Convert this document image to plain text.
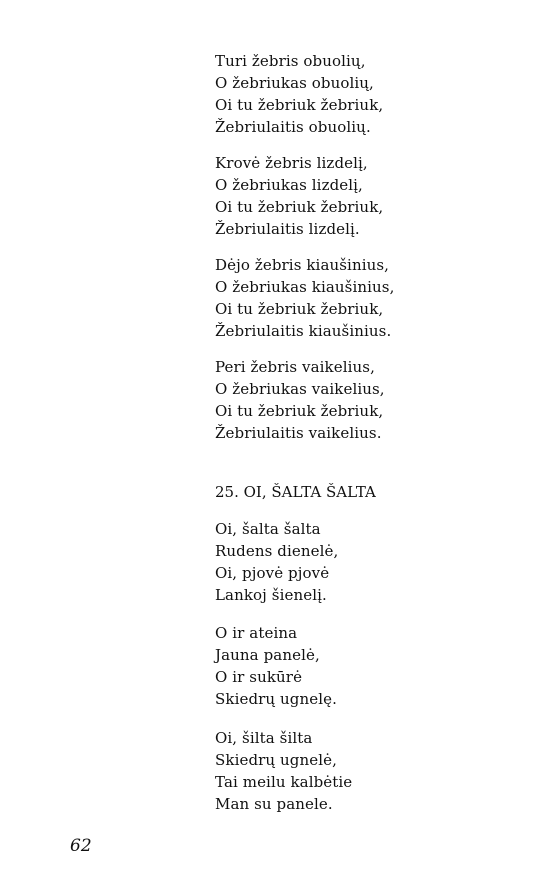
Turi žebris obuolių,
O žebriukas obuolių,
Oi tu žebriuk žebriuk,
Žebriulaitis obuolių.
Krovė žebris lizdelį,
O žebriukas lizdelį,
Oi tu žebriuk žebriuk,
Žebriulaitis lizdelį.
Dėjo žebris kiaušinius,
O žebriukas kiaušinius,
Oi tu žebriuk žebriuk,
Žebriulaitis kiaušinius.
Peri žebris vaikelius,
O žebriukas vaikelius,
Oi tu žebriuk žebriuk,
Žebriulaitis vaikelius.
25. OI, ŠALTA ŠALTA
Oi, šalta šalta
Rudens dienelė,
Oi, pjovė pjovė
Lankoj šienelį.
O ir ateina
Jauna panelė,
O ir sukūrė
Skiedrų ugnelę.
Oi, šilta šilta
Skiedrų ugnelė,
Tai meilu kalbėtie
Man su panele.
62
